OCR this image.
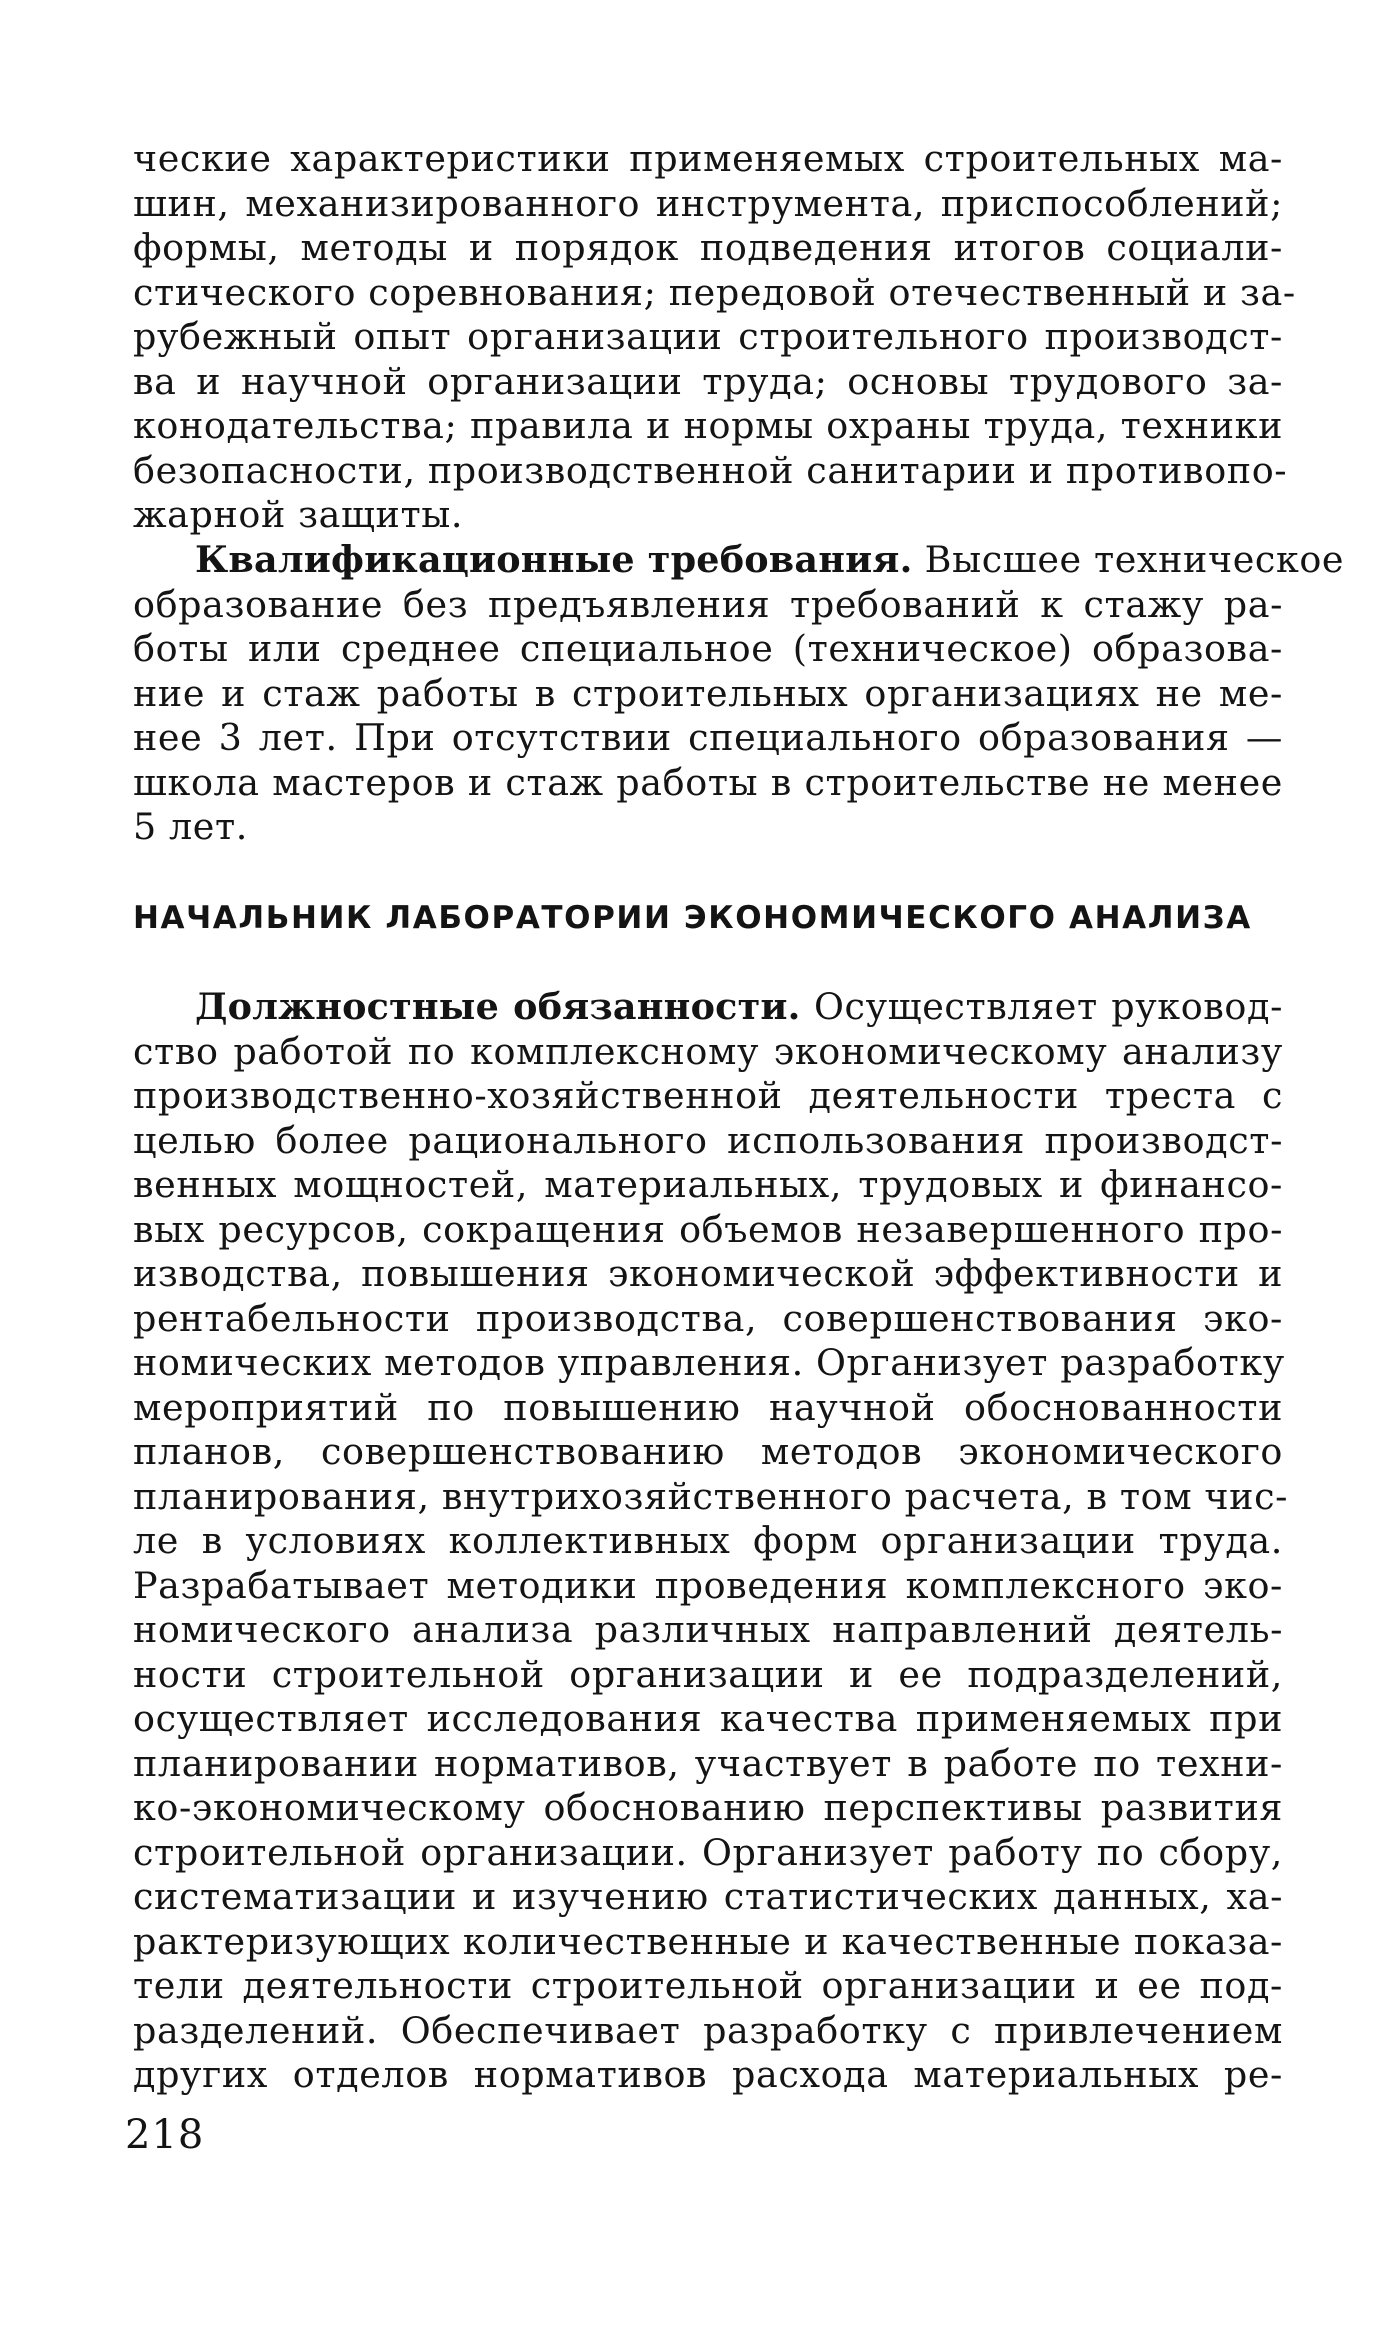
ческие характеристики применяемых строительных ма-
шин, механизированного инструмента, приспособлений;
формы, методы и порядок подведения итогов социали-
стического соревнования; передовой отечественный и за-
рубежный опыт организации строительного производст-
ва и научной организации труда; основы трудового за-
конодательства; правила и нормы охраны труда, техники
безопасности, производственной санитарии и противопо-
жарной защиты.
Квалификационные требования. Высшее техническое
образование без предъявления требований к стажу ра-
боты или среднее специальное (техническое) образова-
ние и стаж работы в строительных организациях не ме-
нее 3 лет. При отсутствии специального образования —
школа мастеров и стаж работы в строительстве не менее
5 лет.
НАЧАЛЬНИК ЛАБОРАТОРИИ ЭКОНОМИЧЕСКОГО АНАЛИЗА
Должностные обязанности. Осуществляет руковод-
ство работой по комплексному экономическому анализу
производственно-хозяйственной деятельности треста с
целью более рационального использования производст-
венных мощностей, материальных, трудовых и финансо-
вых ресурсов, сокращения объемов незавершенного про-
изводства, повышения экономической эффективности и
рентабельности производства, совершенствования эко-
номических методов управления. Организует разработку
мероприятий по повышению научной обоснованности
планов, совершенствованию методов экономического
планирования, внутрихозяйственного расчета, в том чис-
ле в условиях коллективных форм организации труда.
Разрабатывает методики проведения комплексного эко-
номического анализа различных направлений деятель-
ности строительной организации и ее подразделений,
осуществляет исследования качества применяемых при
планировании нормативов, участвует в работе по техни-
ко-экономическому обоснованию перспективы развития
строительной организации. Организует работу по сбору,
систематизации и изучению статистических данных, ха-
рактеризующих количественные и качественные показа-
тели деятельности строительной организации и ее под-
разделений. Обеспечивает разработку с привлечением
других отделов нормативов расхода материальных ре-
218
